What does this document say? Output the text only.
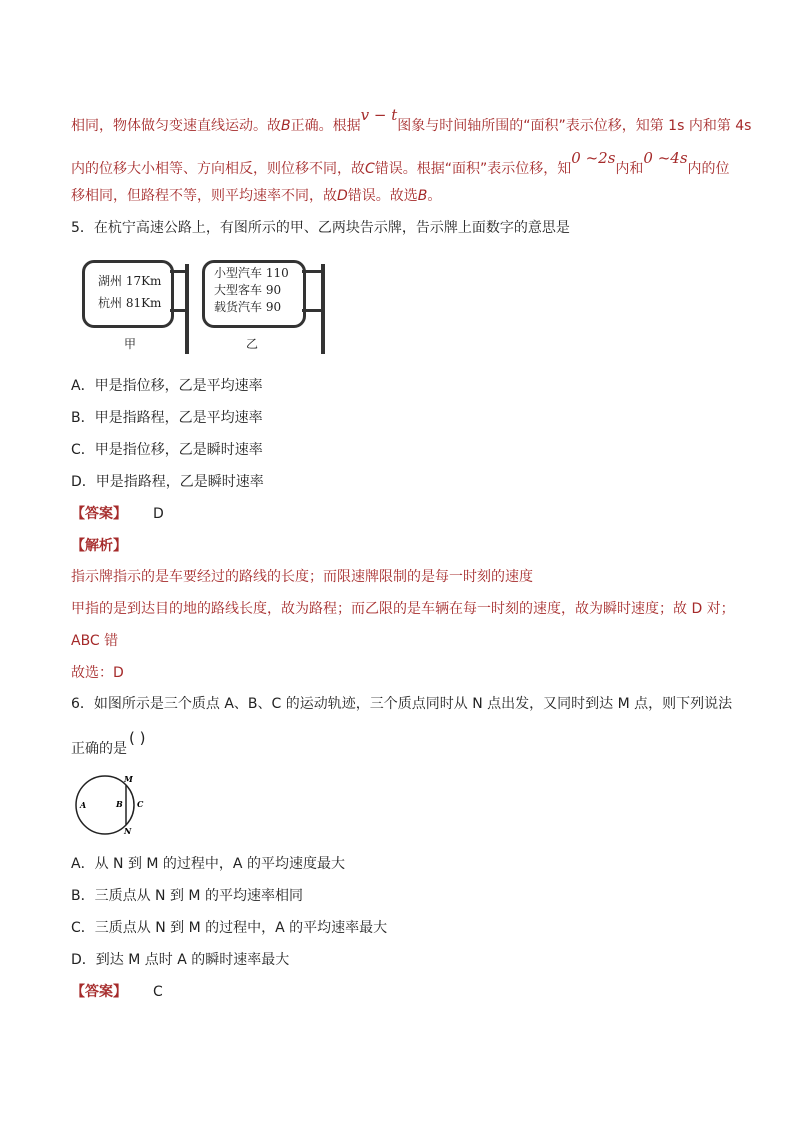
相同，物体做匀变速直线运动。故B正确。根据v − t图象与时间轴所围的“面积”表示位移，知第 1s 内和第 4s
内的位移大小相等、方向相反，则位移不同，故C错误。根据“面积”表示位移，知0 ~2s内和0 ~4s内的位
移相同，但路程不等，则平均速率不同，故D错误。故选B。
5．在杭宁高速公路上，有图所示的甲、乙两块告示牌，告示牌上面数字的意思是
湖州 17Km
杭州 81Km
甲
小型汽车 110
大型客车 90
载货汽车 90
乙
A．甲是指位移，乙是平均速率
B．甲是指路程，乙是平均速率
C．甲是指位移，乙是瞬时速率
D．甲是指路程，乙是瞬时速率
【答案】 D
【解析】
指示牌指示的是车要经过的路线的长度；而限速牌限制的是每一时刻的速度
甲指的是到达目的地的路线长度，故为路程；而乙限的是车辆在每一时刻的速度，故为瞬时速度；故 D 对；
ABC 错
故选：D
6．如图所示是三个质点 A、B、C 的运动轨迹，三个质点同时从 N 点出发，又同时到达 M 点，则下列说法
正确的是( )
M
N
A	B C
A．从 N 到 M 的过程中，A 的平均速度最大
B．三质点从 N 到 M 的平均速率相同
C．三质点从 N 到 M 的过程中，A 的平均速率最大
D．到达 M 点时 A 的瞬时速率最大
【答案】 C
